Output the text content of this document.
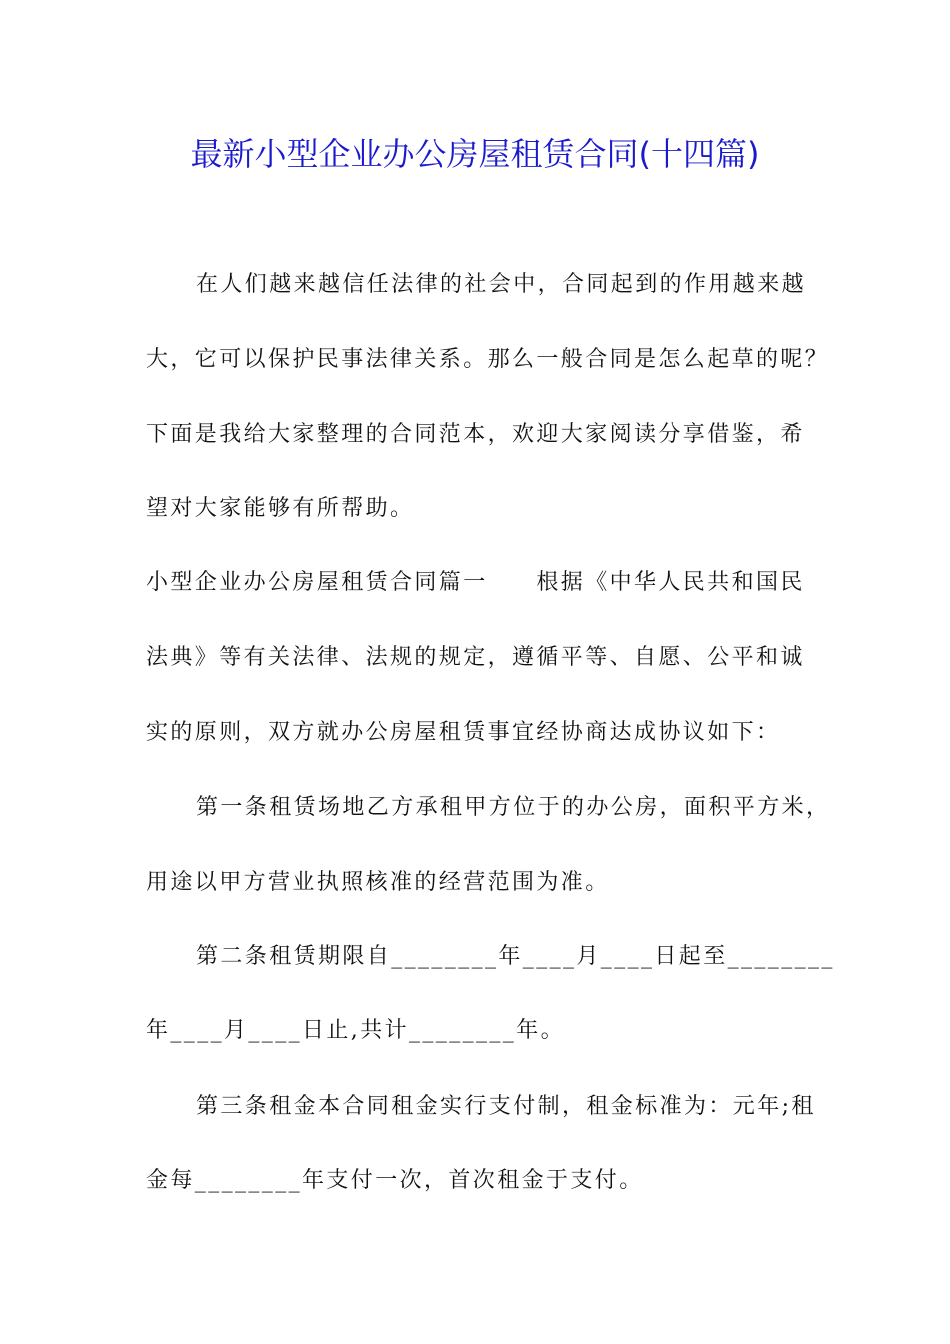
最新小型企业办公房屋租赁合同(十四篇)
在人们越来越信任法律的社会中，合同起到的作用越来越
大，它可以保护民事法律关系。那么一般合同是怎么起草的呢？
下面是我给大家整理的合同范本，欢迎大家阅读分享借鉴，希
望对大家能够有所帮助。
小型企业办公房屋租赁合同篇一　　根据《中华人民共和国民
法典》等有关法律、法规的规定，遵循平等、自愿、公平和诚
实的原则，双方就办公房屋租赁事宜经协商达成协议如下：
第一条租赁场地乙方承租甲方位于的办公房，面积平方米，
用途以甲方营业执照核准的经营范围为准。
第二条租赁期限自________年____月____日起至________
年____月____日止,共计________年。
第三条租金本合同租金实行支付制，租金标准为：元年;租
金每________年支付一次，首次租金于支付。
